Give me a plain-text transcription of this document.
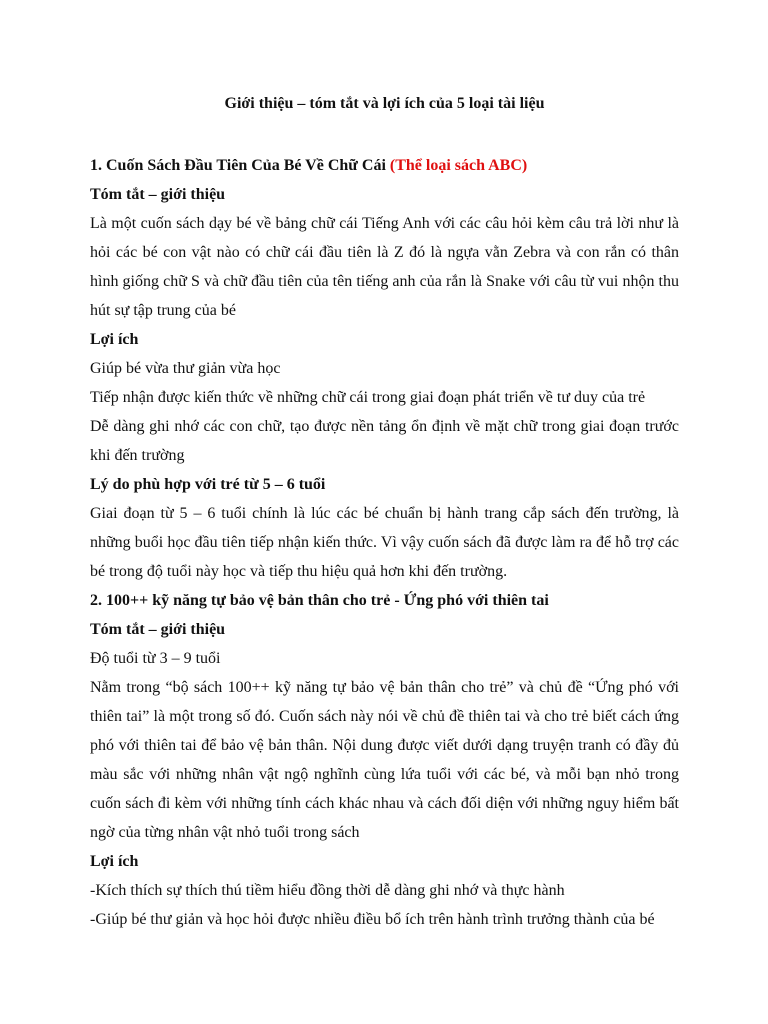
Giới thiệu – tóm tắt và lợi ích của 5 loại tài liệu

1. Cuốn Sách Đầu Tiên Của Bé Về Chữ Cái (Thể loại sách ABC)

Tóm tắt – giới thiệu

Là một cuốn sách dạy bé về bảng chữ cái Tiếng Anh với các câu hỏi kèm câu trả lời như là hỏi các bé con vật nào có chữ cái đầu tiên là Z đó là ngựa vằn Zebra và con rắn có thân hình giống chữ S và chữ đầu tiên của tên tiếng anh của rắn là Snake với câu từ vui nhộn thu hút sự tập trung của bé

Lợi ích

Giúp bé vừa thư giản vừa học

Tiếp nhận được kiến thức về những chữ cái trong giai đoạn phát triển về tư duy của trẻ

Dễ dàng ghi nhớ các con chữ, tạo được nền tảng ổn định về mặt chữ trong giai đoạn trước khi đến trường

Lý do phù hợp với tré từ 5 – 6 tuổi

Giai đoạn từ 5 – 6 tuổi chính là lúc các bé chuẩn bị hành trang cắp sách đến trường, là những buổi học đầu tiên tiếp nhận kiến thức. Vì vậy cuốn sách đã được làm ra để hỗ trợ các bé trong độ tuổi này học và tiếp thu hiệu quả hơn khi đến trường.

2. 100++ kỹ năng tự bảo vệ bản thân cho trẻ - Ứng phó với thiên tai

Tóm tắt – giới thiệu

Độ tuổi từ 3 – 9 tuổi

Nằm trong “bộ sách 100++ kỹ năng tự bảo vệ bản thân cho trẻ” và chủ đề “Ứng phó với thiên tai” là một trong số đó. Cuốn sách này nói về chủ đề thiên tai và cho trẻ biết cách ứng phó với thiên tai để bảo vệ bản thân. Nội dung được viết dưới dạng truyện tranh có đầy đủ màu sắc với những nhân vật ngộ nghĩnh cùng lứa tuổi với các bé, và mỗi bạn nhỏ trong cuốn sách đi kèm với những tính cách khác nhau và cách đối diện với những nguy hiểm bất ngờ của từng nhân vật nhỏ tuổi trong sách

Lợi ích

-Kích thích sự thích thú tiềm hiểu đồng thời dễ dàng ghi nhớ và thực hành

-Giúp bé thư giản và học hỏi được nhiều điều bổ ích trên hành trình trưởng thành của bé
